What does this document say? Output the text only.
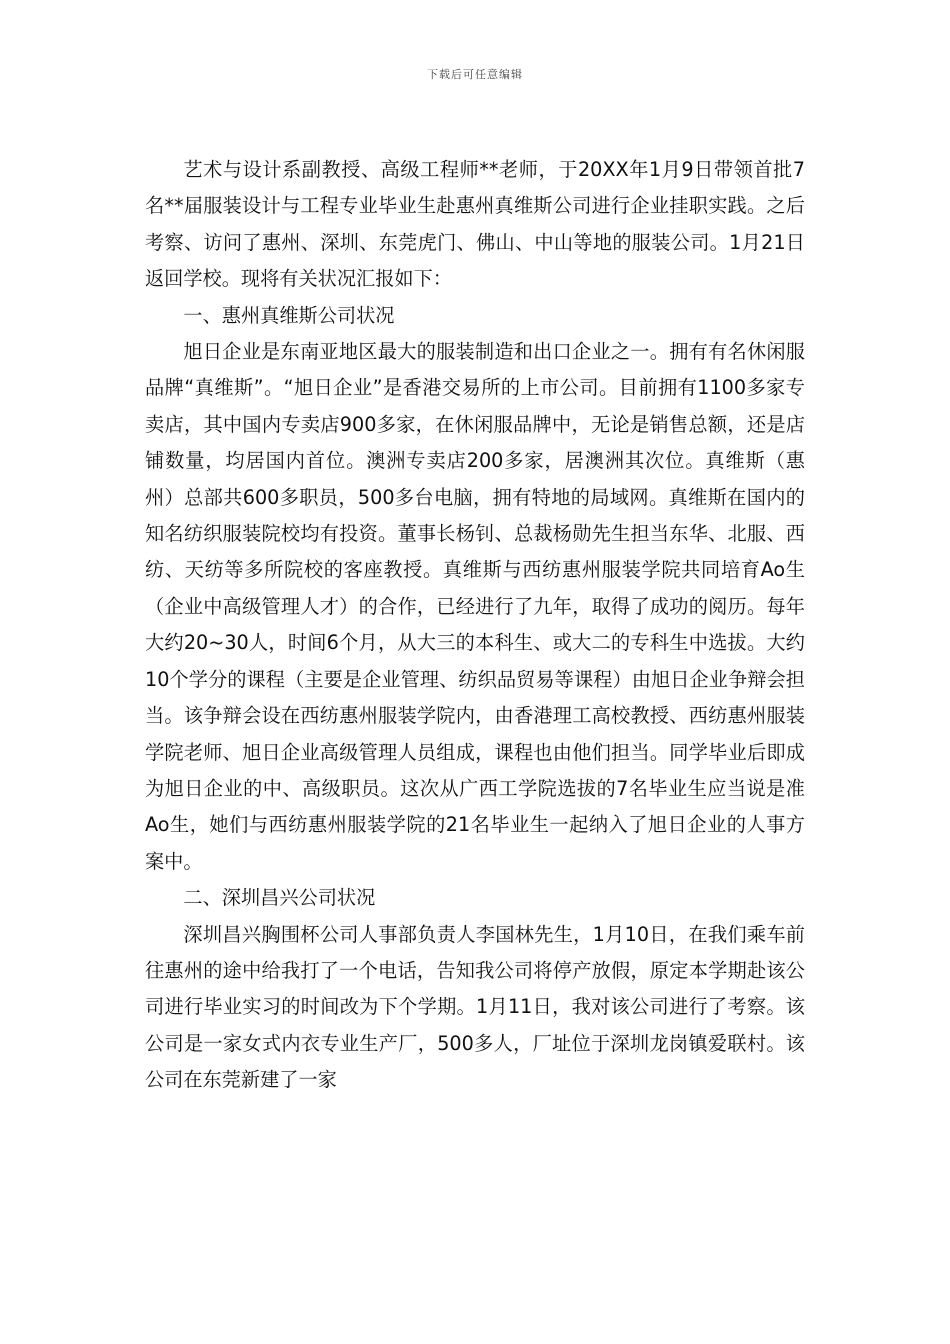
下载后可任意编辑

艺术与设计系副教授、高级工程师**老师，于20XX年1月9日带领首批7名**届服装设计与工程专业毕业生赴惠州真维斯公司进行企业挂职实践。之后考察、访问了惠州、深圳、东莞虎门、佛山、中山等地的服装公司。1月21日返回学校。现将有关状况汇报如下：

一、惠州真维斯公司状况

旭日企业是东南亚地区最大的服装制造和出口企业之一。拥有有名休闲服品牌“真维斯”。“旭日企业”是香港交易所的上市公司。目前拥有1100多家专卖店，其中国内专卖店900多家，在休闲服品牌中，无论是销售总额，还是店铺数量，均居国内首位。澳洲专卖店200多家，居澳洲其次位。真维斯（惠州）总部共600多职员，500多台电脑，拥有特地的局域网。真维斯在国内的知名纺织服装院校均有投资。董事长杨钊、总裁杨勋先生担当东华、北服、西纺、天纺等多所院校的客座教授。真维斯与西纺惠州服装学院共同培育Ao生（企业中高级管理人才）的合作，已经进行了九年，取得了成功的阅历。每年大约20~30人，时间6个月，从大三的本科生、或大二的专科生中选拔。大约10个学分的课程（主要是企业管理、纺织品贸易等课程）由旭日企业争辩会担当。该争辩会设在西纺惠州服装学院内，由香港理工高校教授、西纺惠州服装学院老师、旭日企业高级管理人员组成，课程也由他们担当。同学毕业后即成为旭日企业的中、高级职员。这次从广西工学院选拔的7名毕业生应当说是准Ao生，她们与西纺惠州服装学院的21名毕业生一起纳入了旭日企业的人事方案中。

二、深圳昌兴公司状况

深圳昌兴胸围杯公司人事部负责人李国林先生，1月10日，在我们乘车前往惠州的途中给我打了一个电话，告知我公司将停产放假，原定本学期赴该公司进行毕业实习的时间改为下个学期。1月11日，我对该公司进行了考察。该公司是一家女式内衣专业生产厂，500多人，厂址位于深圳龙岗镇爱联村。该公司在东莞新建了一家
